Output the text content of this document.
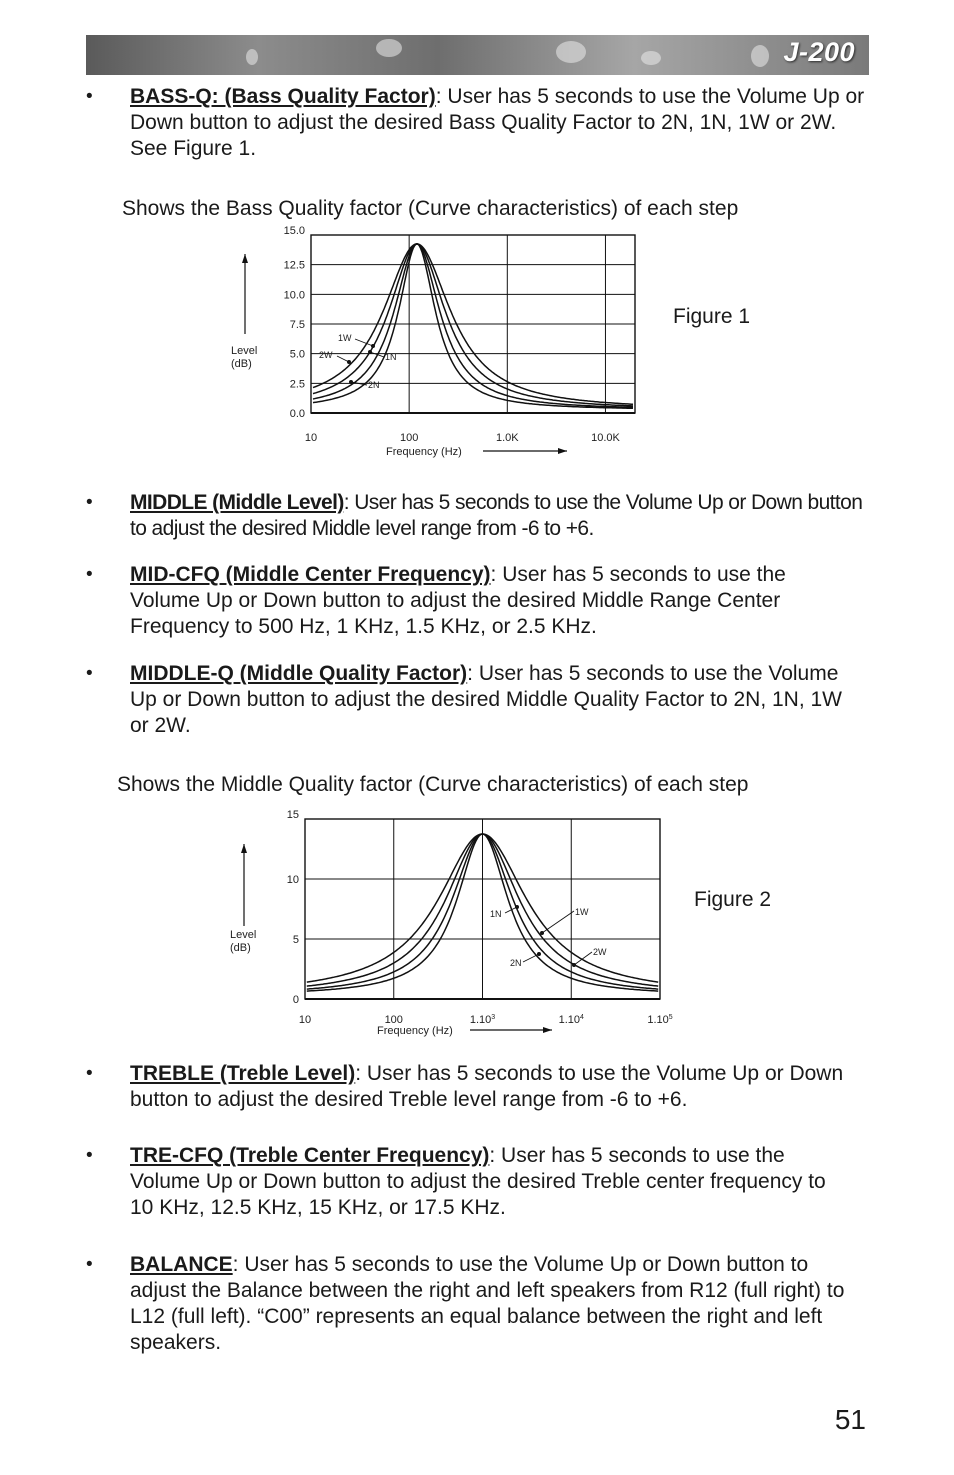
J-200
• BASS-Q: (Bass Quality Factor): User has 5 seconds to use the Volume Up or Down button to adjust the desired Bass Quality Factor to 2N, 1N, 1W or 2W. See Figure 1.
Shows the Bass Quality factor (Curve characteristics) of each step
0.0
2.5
5.0
7.5
10.0
12.5
15.0
10	100	1.0K	10.0K
Level
(dB)
Frequency (Hz)
1W
2W	1N
2N
Figure 1
• MIDDLE (Middle Level): User has 5 seconds to use the Volume Up or Down button to adjust the desired Middle level range from -6 to +6.
• MID-CFQ (Middle Center Frequency): User has 5 seconds to use the Volume Up or Down button to adjust the desired Middle Range Center Frequency to 500 Hz, 1 KHz, 1.5 KHz, or 2.5 KHz.
• MIDDLE-Q (Middle Quality Factor): User has 5 seconds to use the Volume Up or Down button to adjust the desired Middle Quality Factor to 2N, 1N, 1W or 2W.
Shows the Middle Quality factor (Curve characteristics) of each step
0
5
10
15
10	100	1.10$^3$	1.10$^4$	1.10$^5$
Level
(dB)
Frequency (Hz)
1N	1W
2N
2W
Figure 2
• TREBLE (Treble Level): User has 5 seconds to use the Volume Up or Down button to adjust the desired Treble level range from -6 to +6.
• TRE-CFQ (Treble Center Frequency): User has 5 seconds to use the Volume Up or Down button to adjust the desired Treble center frequency to 10 KHz, 12.5 KHz, 15 KHz, or 17.5 KHz.
• BALANCE: User has 5 seconds to use the Volume Up or Down button to adjust the Balance between the right and left speakers from R12 (full right) to L12 (full left). “C00” represents an equal balance between the right and left speakers.
51
